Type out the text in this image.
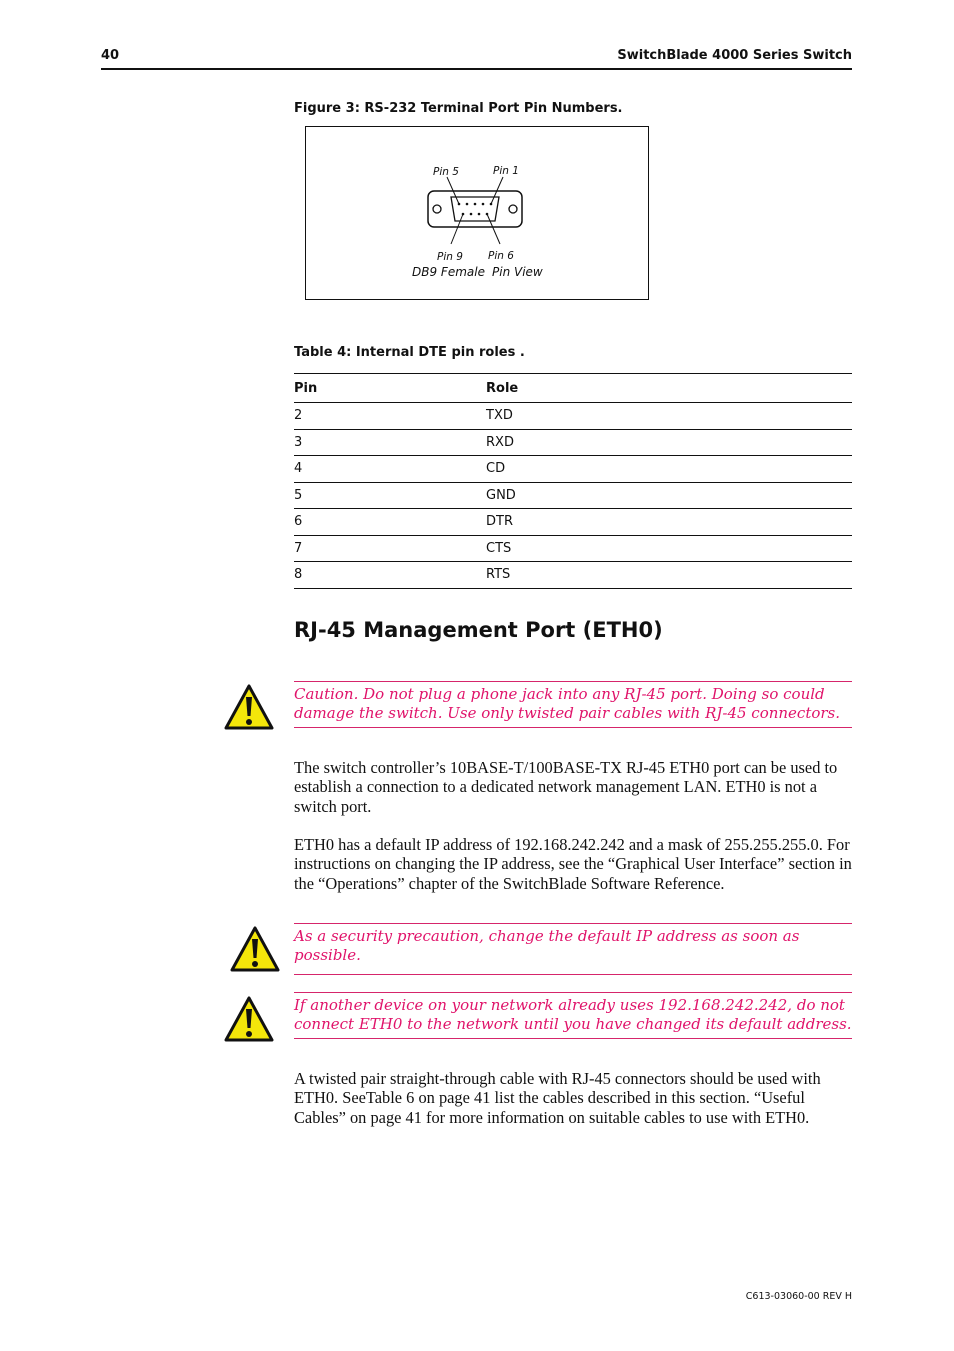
40	SwitchBlade 4000 Series Switch
Figure 3: RS-232 Terminal Port Pin Numbers.
Pin 5	Pin 1
Pin 9 Pin 6
DB9 Female Pin View
Table 4: Internal DTE pin roles .
Pin	Role
2	TXD
3	RXD
4	CD
5	GND
6	DTR
7	CTS
8	RTS
RJ-45 Management Port (ETH0)
Caution. Do not plug a phone jack into any RJ-45 port. Doing so could damage the switch. Use only twisted pair cables with RJ-45 connectors.
The switch controller’s 10BASE-T/100BASE-TX RJ-45 ETH0 port can be used to establish a connection to a dedicated network management LAN. ETH0 is not a switch port.
ETH0 has a default IP address of 192.168.242.242 and a mask of 255.255.255.0. For instructions on changing the IP address, see the “Graphical User Interface” section in the “Operations” chapter of the SwitchBlade Software Reference.
As a security precaution, change the default IP address as soon as possible.
If another device on your network already uses 192.168.242.242, do not connect ETH0 to the network until you have changed its default address.
A twisted pair straight-through cable with RJ-45 connectors should be used with ETH0. SeeTable 6 on page 41 list the cables described in this section. “Useful Cables” on page 41 for more information on suitable cables to use with ETH0.
C613-03060-00 REV H
